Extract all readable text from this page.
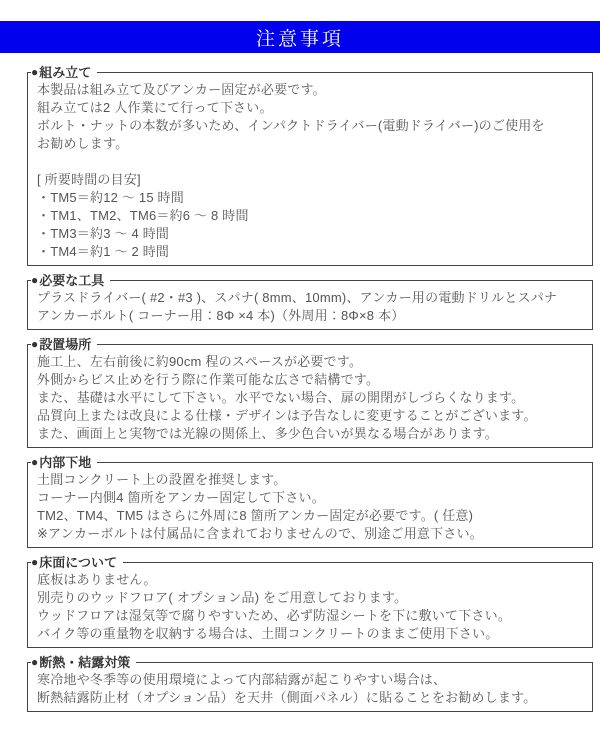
注意事項
● 組み立て
本製品は組み立て及びアンカー固定が必要です。
組み立ては2 人作業にて行って下さい。
ボルト・ナットの本数が多いため、インパクトドライバー(電動ドライバー)のご使用を
お勧めします。
[ 所要時間の目安]
・TM5＝約12 ～ 15 時間
・TM1、TM2、TM6＝約6 ～ 8 時間
・TM3＝約3 ～ 4 時間
・TM4＝約1 ～ 2 時間
● 必要な工具
プラスドライバー( #2・#3 )、スパナ( 8mm、10mm)、アンカー用の電動ドリルとスパナ
アンカーボルト( コーナー用：8Φ ×4 本)（外周用：8Φ×8 本）
● 設置場所
施工上、左右前後に約90cm 程のスペースが必要です。
外側からビス止めを行う際に作業可能な広さで結構です。
また、基礎は水平にして下さい。水平でない場合、扉の開閉がしづらくなります。
品質向上または改良による仕様・デザインは予告なしに変更することがございます。
また、画面上と実物では光線の関係上、多少色合いが異なる場合があります。
● 内部下地
土間コンクリート上の設置を推奨します。
コーナー内側4 箇所をアンカー固定して下さい。
TM2、TM4、TM5 はさらに外周に8 箇所アンカー固定が必要です。( 任意)
※アンカーボルトは付属品に含まれておりませんので、別途ご用意下さい。
● 床面について
底板はありません。
別売りのウッドフロア( オプション品) をご用意しております。
ウッドフロアは湿気等で腐りやすいため、必ず防湿シートを下に敷いて下さい。
バイク等の重量物を収納する場合は、土間コンクリートのままご使用下さい。
● 断熱・結露対策
寒冷地や冬季等の使用環境によって内部結露が起こりやすい場合は、
断熱結露防止材（オプション品）を天井（側面パネル）に貼ることをお勧めします。
